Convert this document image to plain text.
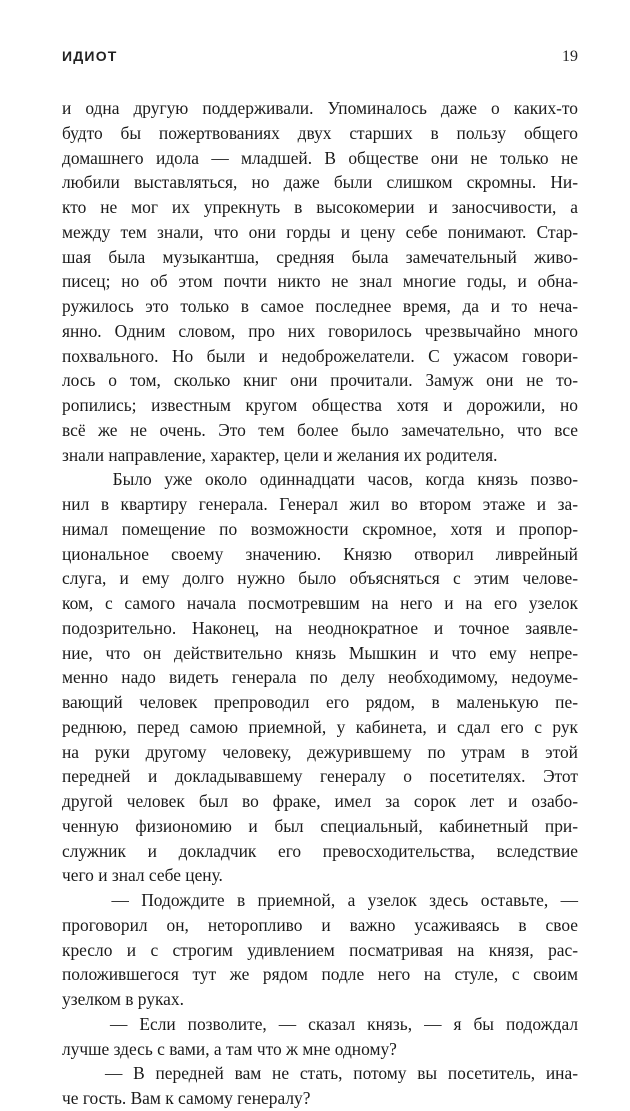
ИДИОТ	19
и одна другую поддерживали. Упоминалось даже о каких-то
будто бы пожертвованиях двух старших в пользу общего
домашнего идола — младшей. В обществе они не только не
любили выставляться, но даже были слишком скромны. Ни-
кто не мог их упрекнуть в высокомерии и заносчивости, а
между тем знали, что они горды и цену себе понимают. Стар-
шая была музыкантша, средняя была замечательный живо-
писец; но об этом почти никто не знал многие годы, и обна-
ружилось это только в самое последнее время, да и то нечa-
янно. Одним словом, про них говорилось чрезвычайно много
похвального. Но были и недоброжелатели. С ужасом говори-
лось о том, сколько книг они прочитали. Замуж они не то-
ропились; известным кругом общества хотя и дорожили, но
всё же не очень. Это тем более было замечательно, что все
знали направление, характер, цели и желания их родителя.
Было уже около одиннадцати часов, когда князь позво-
нил в квартиру генерала. Генерал жил во втором этаже и за-
нимал помещение по возможности скромное, хотя и пропор-
циональное своему значению. Князю отворил ливрейный
слуга, и ему долго нужно было объясняться с этим челове-
ком, с самого начала посмотревшим на него и на его узелок
подозрительно. Наконец, на неоднократное и точное заявле-
ние, что он действительно князь Мышкин и что ему непре-
менно надо видеть генерала по делу необходимому, недоуме-
вающий человек препроводил его рядом, в маленькую пе-
реднюю, перед самою приемной, у кабинета, и сдал его с рук
на руки другому человеку, дежурившему по утрам в этой
передней и докладывавшему генералу о посетителях. Этот
другой человек был во фраке, имел за сорок лет и озабо-
ченную физиономию и был специальный, кабинетный при-
служник и докладчик его превосходительства, вследствие
чего и знал себе цену.
— Подождите в приемной, а узелок здесь оставьте, —
проговорил он, неторопливо и важно усаживаясь в свое
кресло и с строгим удивлением посматривая на князя, рас-
положившегося тут же рядом подле него на стуле, с своим
узелком в руках.
— Если позволите, — сказал князь, — я бы подождал
лучше здесь с вами, а там что ж мне одному?
— В передней вам не стать, потому вы посетитель, ина-
че гость. Вам к самому генералу?
